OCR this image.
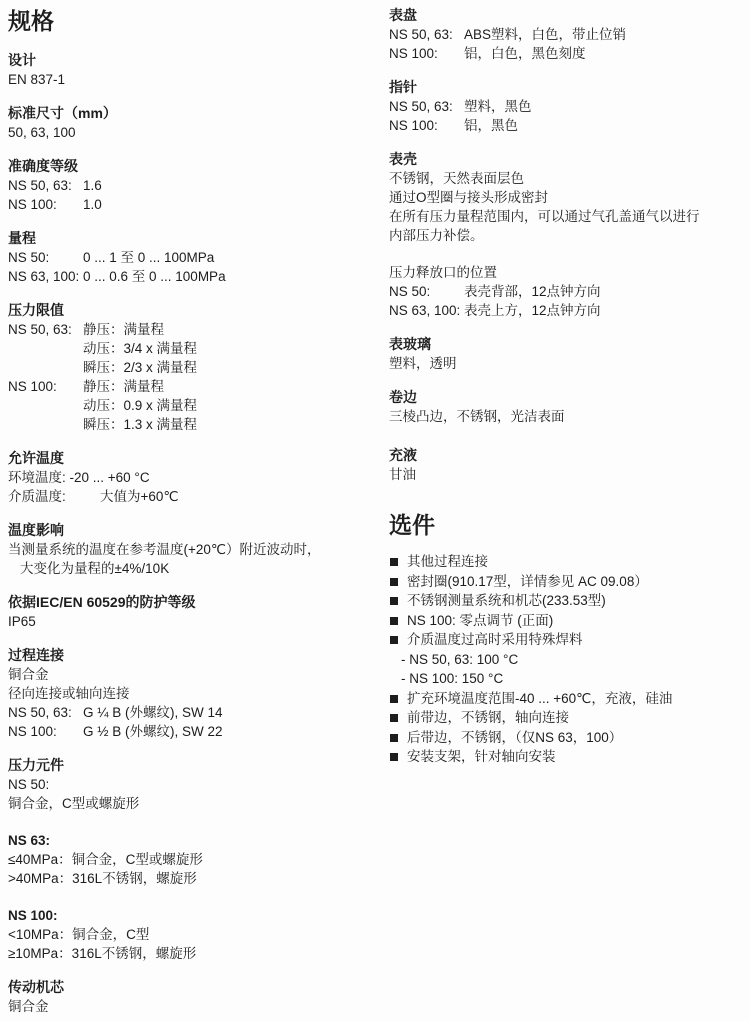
规格
设计
EN 837-1
标准尺寸（mm）
50, 63, 100
准确度等级
NS 50, 63: 1.6
NS 100:	1.0
量程
NS 50:	0 ... 1 至 0 ... 100MPa
NS 63, 100: 0 ... 0.6 至 0 ... 100MPa
压力限值
NS 50, 63: 静压：满量程
动压：3/4 x 满量程
瞬压：2/3 x 满量程
NS 100:	静压：满量程
动压：0.9 x 满量程
瞬压：1.3 x 满量程
允许温度
环境温度: -20 ... +60 °C
介质温度:	大值为+60℃
温度影响
当测量系统的温度在参考温度(+20℃）附近波动时，
大变化为量程的±4%/10K
依据IEC/EN 60529的防护等级
IP65
过程连接
铜合金
径向连接或轴向连接
NS 50, 63: G ¼ B (外螺纹), SW 14
NS 100:	G ½ B (外螺纹), SW 22
压力元件
NS 50:
铜合金，C型或螺旋形
NS 63:
≤40MPa：铜合金，C型或螺旋形
>40MPa：316L不锈钢，螺旋形
NS 100:
<10MPa：铜合金，C型
≥10MPa：316L不锈钢，螺旋形
传动机芯
铜合金
表盘
NS 50, 63: ABS塑料，白色，带止位销
NS 100:	铝，白色，黑色刻度
指针
NS 50, 63: 塑料，黑色
NS 100:	铝，黑色
表壳
不锈钢，天然表面层色
通过O型圈与接头形成密封
在所有压力量程范围内，可以通过气孔盖通气以进行
内部压力补偿。
压力释放口的位置
NS 50:	表壳背部，12点钟方向
NS 63, 100: 表壳上方，12点钟方向
表玻璃
塑料，透明
卷边
三棱凸边，不锈钢，光洁表面
充液
甘油
选件
其他过程连接
密封圈(910.17型，详情参见 AC 09.08）
不锈钢测量系统和机芯(233.53型)
NS 100: 零点调节 (正面)
介质温度过高时采用特殊焊料
- NS 50, 63: 100 °C
- NS 100: 150 °C
扩充环境温度范围-40 ... +60℃，充液，硅油
前带边，不锈钢，轴向连接
后带边，不锈钢，（仅NS 63，100）
安装支架，针对轴向安装
